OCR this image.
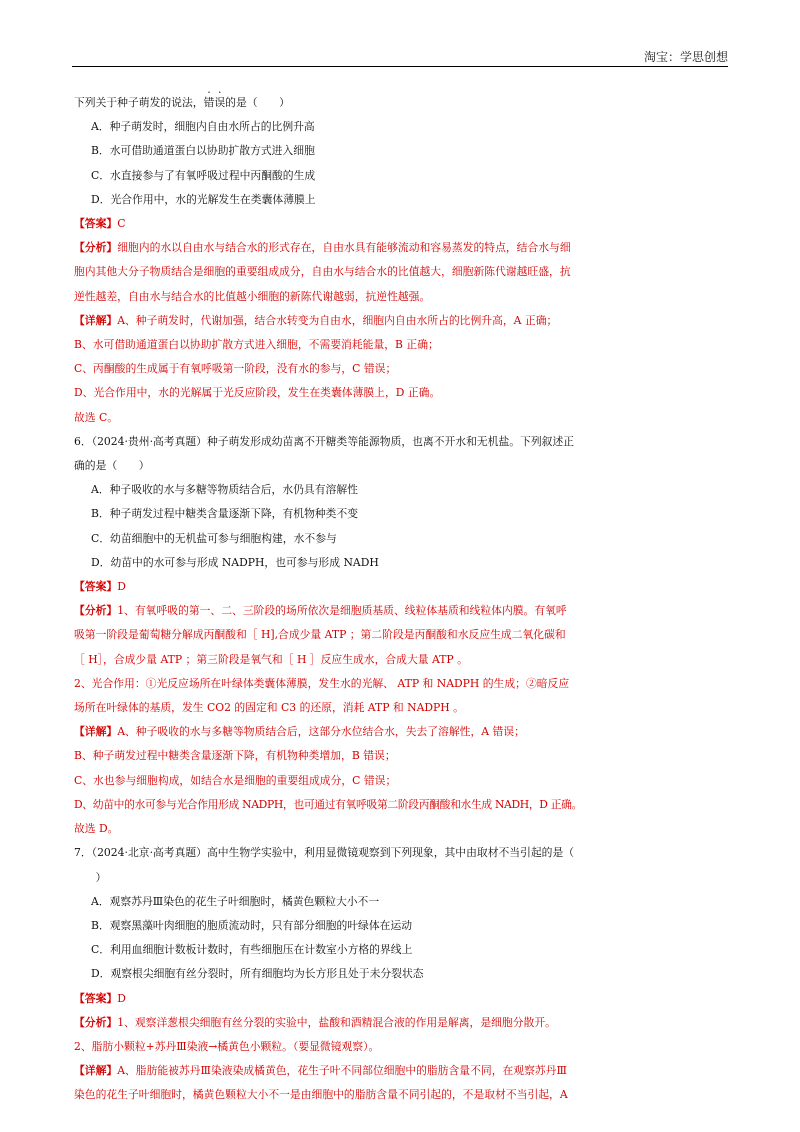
淘宝：学思创想
下列关于种子萌发的说法，错误的是（　　）
A．种子萌发时，细胞内自由水所占的比例升高
B．水可借助通道蛋白以协助扩散方式进入细胞
C．水直接参与了有氧呼吸过程中丙酮酸的生成
D．光合作用中，水的光解发生在类囊体薄膜上
【答案】C
【分析】细胞内的水以自由水与结合水的形式存在，自由水具有能够流动和容易蒸发的特点，结合水与细
胞内其他大分子物质结合是细胞的重要组成成分，自由水与结合水的比值越大，细胞新陈代谢越旺盛，抗
逆性越差，自由水与结合水的比值越小细胞的新陈代谢越弱，抗逆性越强。
【详解】A、种子萌发时，代谢加强，结合水转变为自由水，细胞内自由水所占的比例升高，A 正确；
B、水可借助通道蛋白以协助扩散方式进入细胞，不需要消耗能量，B 正确；
C、丙酮酸的生成属于有氧呼吸第一阶段，没有水的参与，C 错误；
D、光合作用中，水的光解属于光反应阶段，发生在类囊体薄膜上，D 正确。
故选 C。
6．（2024·贵州·高考真题）种子萌发形成幼苗离不开糖类等能源物质，也离不开水和无机盐。下列叙述正
确的是（　　）
A．种子吸收的水与多糖等物质结合后，水仍具有溶解性
B．种子萌发过程中糖类含量逐渐下降，有机物种类不变
C．幼苗细胞中的无机盐可参与细胞构建，水不参与
D．幼苗中的水可参与形成 NADPH，也可参与形成 NADH
【答案】D
【分析】1、有氧呼吸的第一、二、三阶段的场所依次是细胞质基质、线粒体基质和线粒体内膜。有氧呼
吸第一阶段是葡萄糖分解成丙酮酸和［ H],合成少量 ATP ；第二阶段是丙酮酸和水反应生成二氧化碳和
［ H］，合成少量 ATP ；第三阶段是氧气和［ H ］反应生成水，合成大量 ATP 。
2、光合作用：①光反应场所在叶绿体类囊体薄膜，发生水的光解、 ATP 和 NADPH 的生成；②暗反应
场所在叶绿体的基质，发生 CO2 的固定和 C3 的还原，消耗 ATP 和 NADPH 。
【详解】A、种子吸收的水与多糖等物质结合后，这部分水位结合水，失去了溶解性，A 错误；
B、种子萌发过程中糖类含量逐渐下降，有机物种类增加，B 错误；
C、水也参与细胞构成，如结合水是细胞的重要组成成分，C 错误；
D、幼苗中的水可参与光合作用形成 NADPH，也可通过有氧呼吸第二阶段丙酮酸和水生成 NADH，D 正确。
故选 D。
7．（2024·北京·高考真题）高中生物学实验中，利用显微镜观察到下列现象，其中由取材不当引起的是（
　　）
A．观察苏丹Ⅲ染色的花生子叶细胞时，橘黄色颗粒大小不一
B．观察黑藻叶肉细胞的胞质流动时，只有部分细胞的叶绿体在运动
C．利用血细胞计数板计数时，有些细胞压在计数室小方格的界线上
D．观察根尖细胞有丝分裂时，所有细胞均为长方形且处于未分裂状态
【答案】D
【分析】1、观察洋葱根尖细胞有丝分裂的实验中，盐酸和酒精混合液的作用是解离，是细胞分散开。
2、脂肪小颗粒+苏丹Ⅲ染液→橘黄色小颗粒。（要显微镜观察）。
【详解】A、脂肪能被苏丹Ⅲ染液染成橘黄色，花生子叶不同部位细胞中的脂肪含量不同，在观察苏丹Ⅲ
染色的花生子叶细胞时，橘黄色颗粒大小不一是由细胞中的脂肪含量不同引起的，不是取材不当引起，A
